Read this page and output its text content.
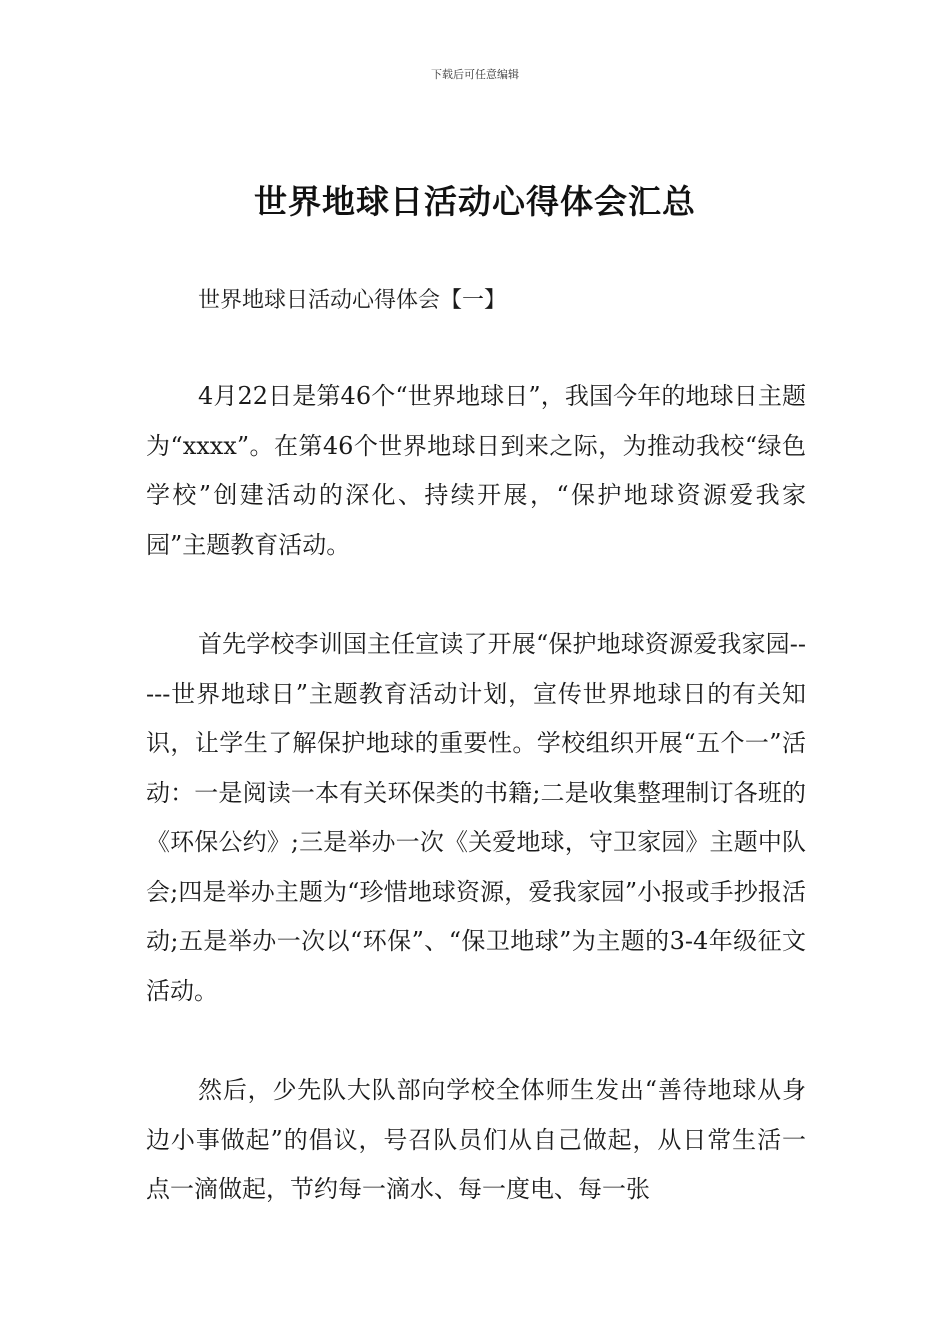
下载后可任意编辑
世界地球日活动心得体会汇总

世界地球日活动心得体会【一】

4月22日是第46个“世界地球日”，我国今年的地球日主题为“xxxx”。在第46个世界地球日到来之际，为推动我校“绿色学校”创建活动的深化、持续开展，“保护地球资源爱我家园”主题教育活动。

首先学校李训国主任宣读了开展“保护地球资源爱我家园-----世界地球日”主题教育活动计划，宣传世界地球日的有关知识，让学生了解保护地球的重要性。学校组织开展“五个一”活动：一是阅读一本有关环保类的书籍;二是收集整理制订各班的《环保公约》;三是举办一次《关爱地球，守卫家园》主题中队会;四是举办主题为“珍惜地球资源，爱我家园”小报或手抄报活动;五是举办一次以“环保”、“保卫地球”为主题的3-4年级征文活动。

然后，少先队大队部向学校全体师生发出“善待地球从身边小事做起”的倡议，号召队员们从自己做起，从日常生活一点一滴做起，节约每一滴水、每一度电、每一张
